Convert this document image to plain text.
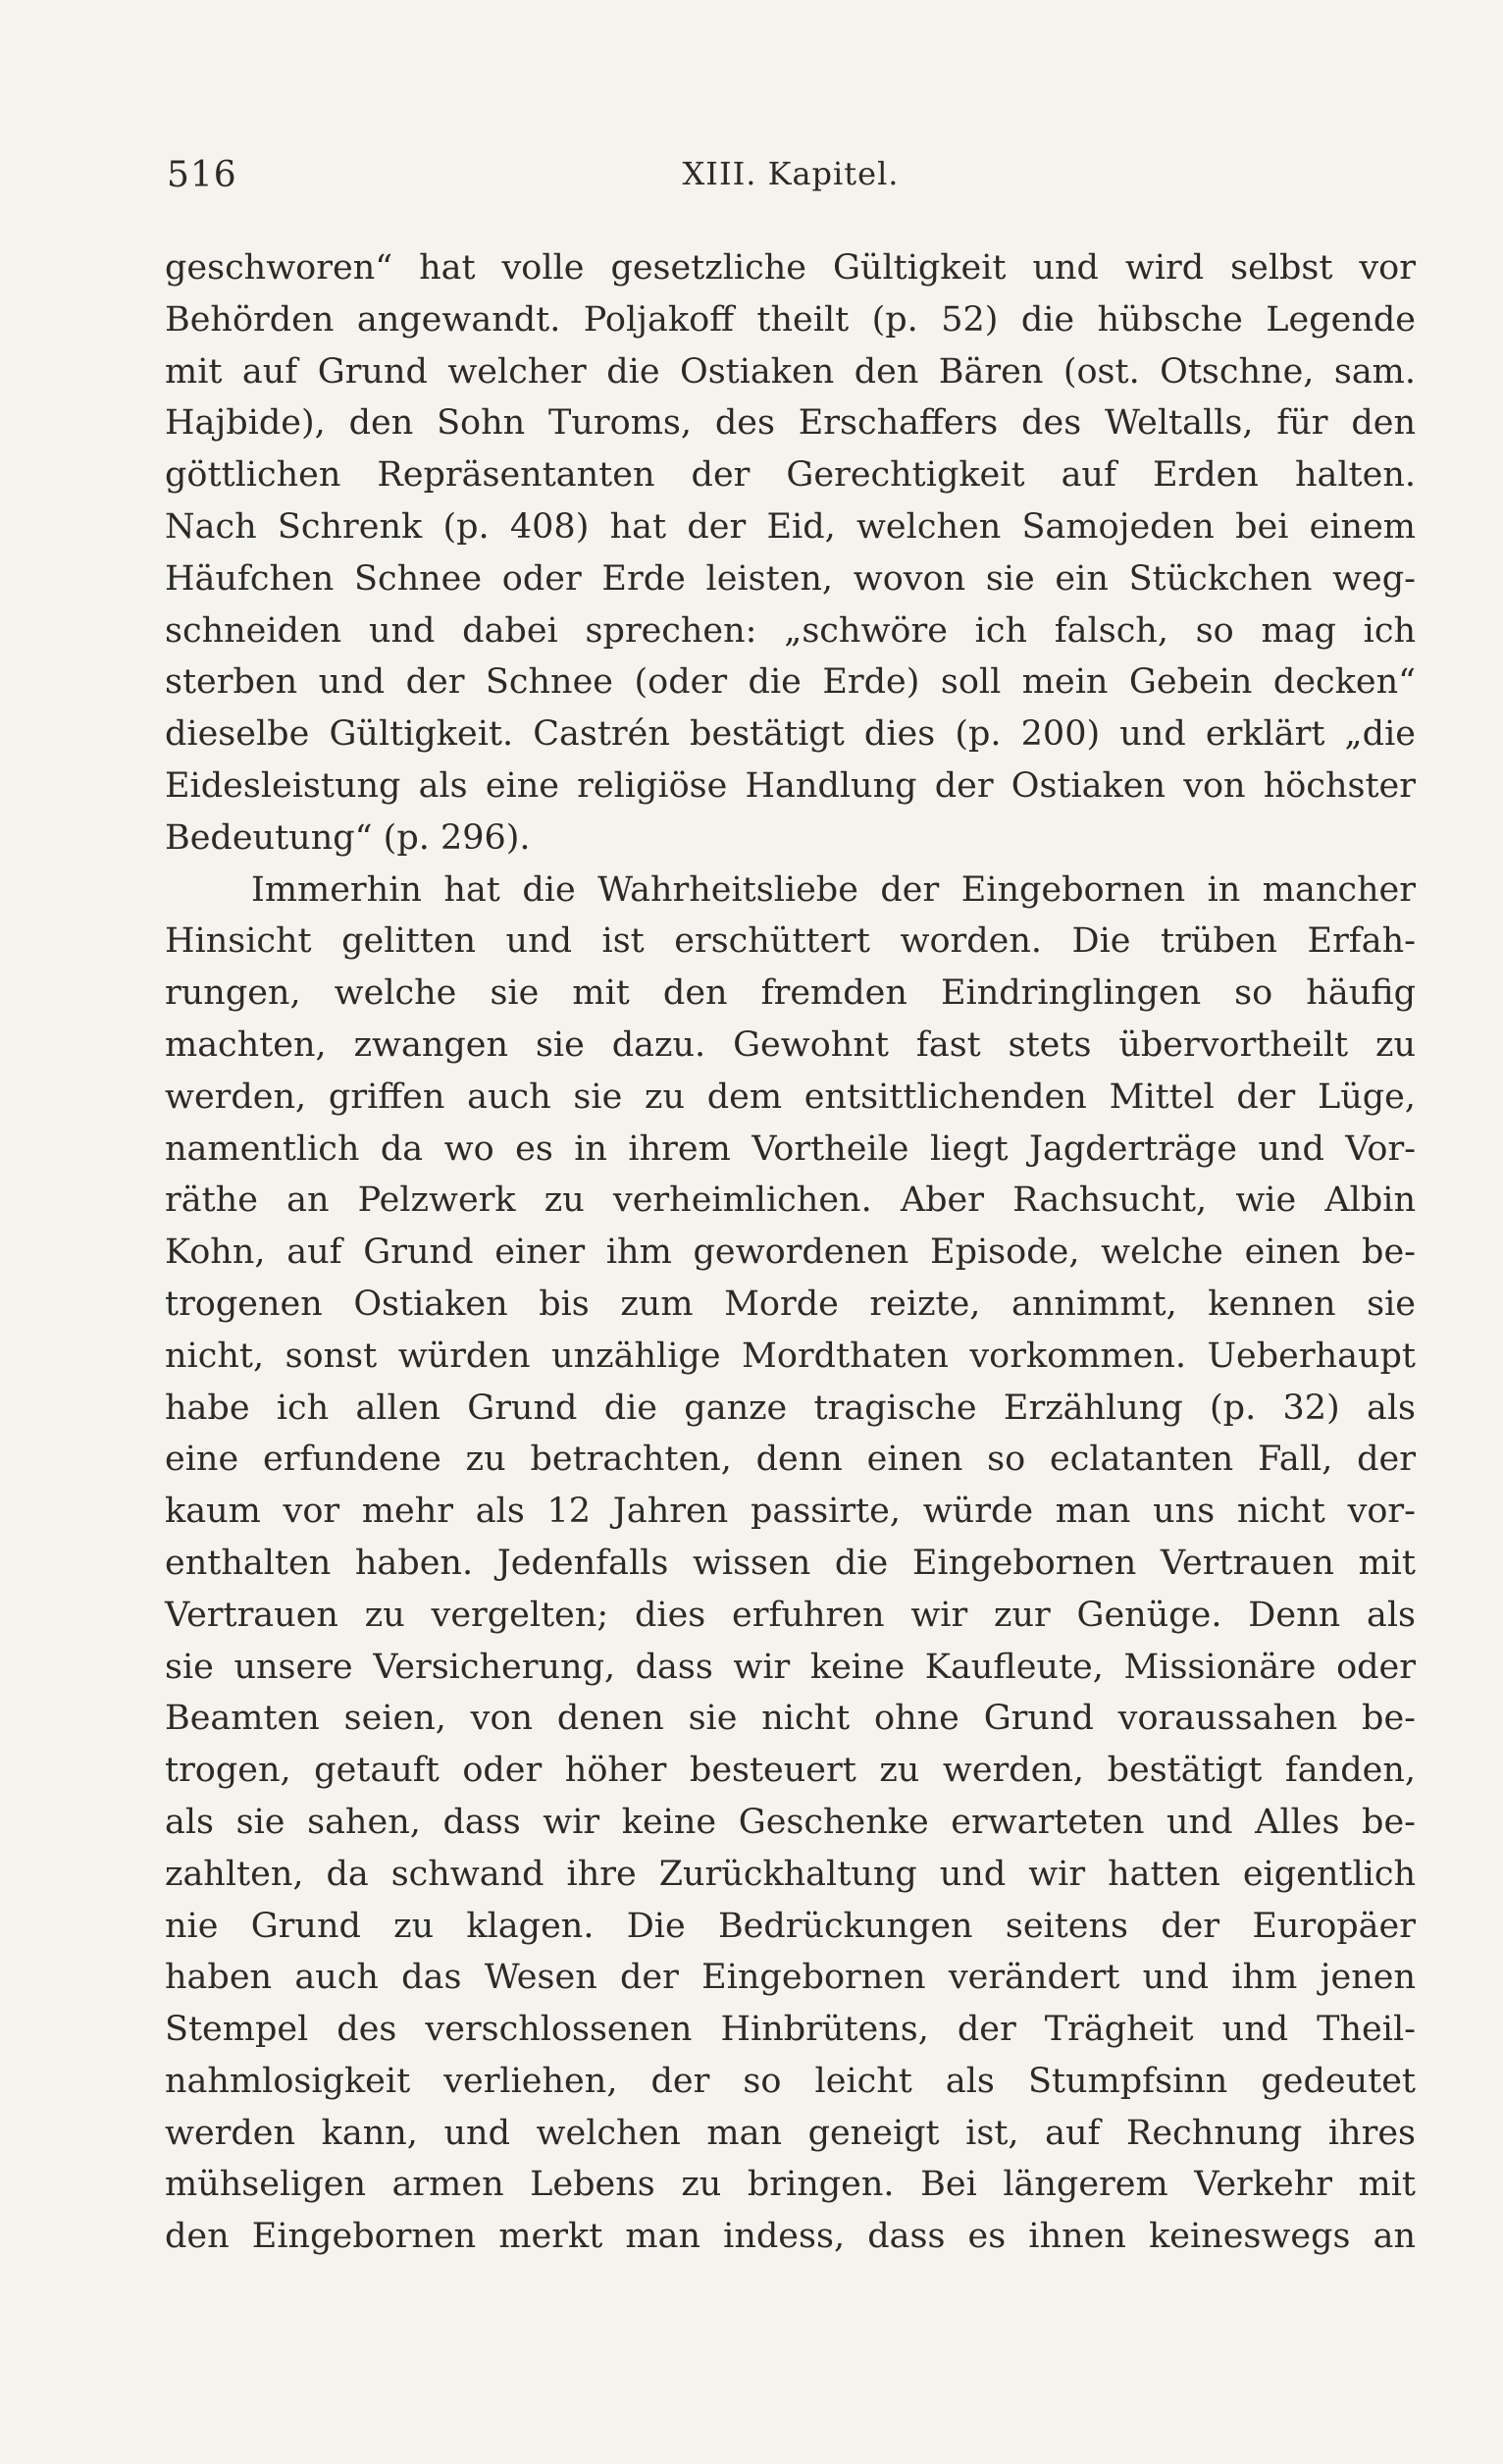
516	XIII. Kapitel.
geschworen“ hat volle gesetzliche Gültigkeit und wird selbst vor
Behörden angewandt. Poljakoff theilt (p. 52) die hübsche Legende
mit auf Grund welcher die Ostiaken den Bären (ost. Otschne, sam.
Hajbide), den Sohn Turoms, des Erschaffers des Weltalls, für den
göttlichen Repräsentanten der Gerechtigkeit auf Erden halten.
Nach Schrenk (p. 408) hat der Eid, welchen Samojeden bei einem
Häufchen Schnee oder Erde leisten, wovon sie ein Stückchen weg-
schneiden und dabei sprechen: „schwöre ich falsch, so mag ich
sterben und der Schnee (oder die Erde) soll mein Gebein decken“
dieselbe Gültigkeit. Castrén bestätigt dies (p. 200) und erklärt „die
Eidesleistung als eine religiöse Handlung der Ostiaken von höchster
Bedeutung“ (p. 296).
Immerhin hat die Wahrheitsliebe der Eingebornen in mancher
Hinsicht gelitten und ist erschüttert worden. Die trüben Erfah-
rungen, welche sie mit den fremden Eindringlingen so häufig
machten, zwangen sie dazu. Gewohnt fast stets übervortheilt zu
werden, griffen auch sie zu dem entsittlichenden Mittel der Lüge,
namentlich da wo es in ihrem Vortheile liegt Jagderträge und Vor-
räthe an Pelzwerk zu verheimlichen. Aber Rachsucht, wie Albin
Kohn, auf Grund einer ihm gewordenen Episode, welche einen be-
trogenen Ostiaken bis zum Morde reizte, annimmt, kennen sie
nicht, sonst würden unzählige Mordthaten vorkommen. Ueberhaupt
habe ich allen Grund die ganze tragische Erzählung (p. 32) als
eine erfundene zu betrachten, denn einen so eclatanten Fall, der
kaum vor mehr als 12 Jahren passirte, würde man uns nicht vor-
enthalten haben. Jedenfalls wissen die Eingebornen Vertrauen mit
Vertrauen zu vergelten; dies erfuhren wir zur Genüge. Denn als
sie unsere Versicherung, dass wir keine Kaufleute, Missionäre oder
Beamten seien, von denen sie nicht ohne Grund voraussahen be-
trogen, getauft oder höher besteuert zu werden, bestätigt fanden,
als sie sahen, dass wir keine Geschenke erwarteten und Alles be-
zahlten, da schwand ihre Zurückhaltung und wir hatten eigentlich
nie Grund zu klagen. Die Bedrückungen seitens der Europäer
haben auch das Wesen der Eingebornen verändert und ihm jenen
Stempel des verschlossenen Hinbrütens, der Trägheit und Theil-
nahmlosigkeit verliehen, der so leicht als Stumpfsinn gedeutet
werden kann, und welchen man geneigt ist, auf Rechnung ihres
mühseligen armen Lebens zu bringen. Bei längerem Verkehr mit
den Eingebornen merkt man indess, dass es ihnen keineswegs an
